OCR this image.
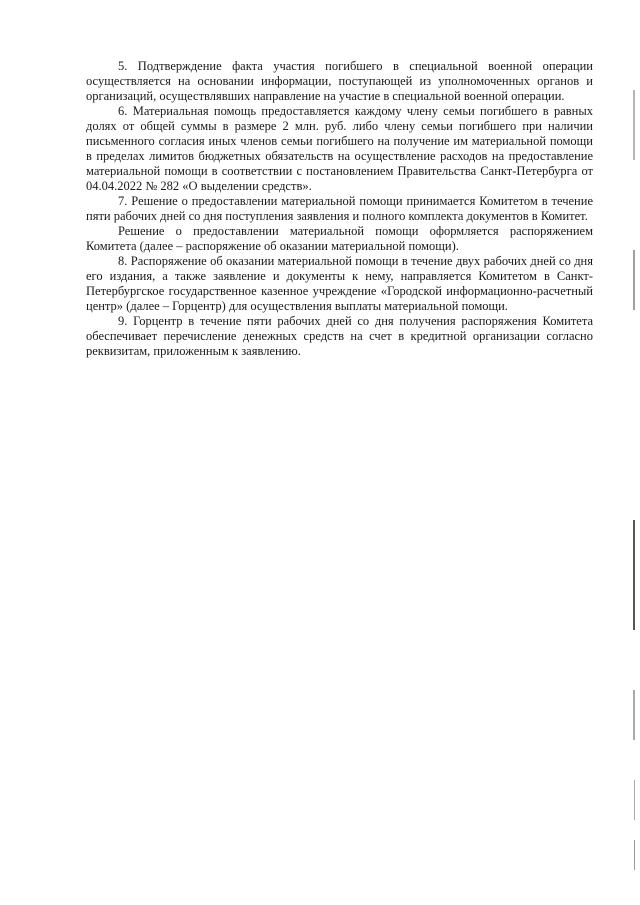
5. Подтверждение факта участия погибшего в специальной военной операции осуществляется на основании информации, поступающей из уполномоченных органов и организаций, осуществлявших направление на участие в специальной военной операции.

6. Материальная помощь предоставляется каждому члену семьи погибшего в равных долях от общей суммы в размере 2 млн. руб. либо члену семьи погибшего при наличии письменного согласия иных членов семьи погибшего на получение им материальной помощи в пределах лимитов бюджетных обязательств на осуществление расходов на предоставление материальной помощи в соответствии с постановлением Правительства Санкт-Петербурга от 04.04.2022 № 282 «О выделении средств».

7. Решение о предоставлении материальной помощи принимается Комитетом в течение пяти рабочих дней со дня поступления заявления и полного комплекта документов в Комитет.

Решение о предоставлении материальной помощи оформляется распоряжением Комитета (далее – распоряжение об оказании материальной помощи).

8. Распоряжение об оказании материальной помощи в течение двух рабочих дней со дня его издания, а также заявление и документы к нему, направляется Комитетом в Санкт-Петербургское государственное казенное учреждение «Городской информационно-расчетный центр» (далее – Горцентр) для осуществления выплаты материальной помощи.

9. Горцентр в течение пяти рабочих дней со дня получения распоряжения Комитета обеспечивает перечисление денежных средств на счет в кредитной организации согласно реквизитам, приложенным к заявлению.
